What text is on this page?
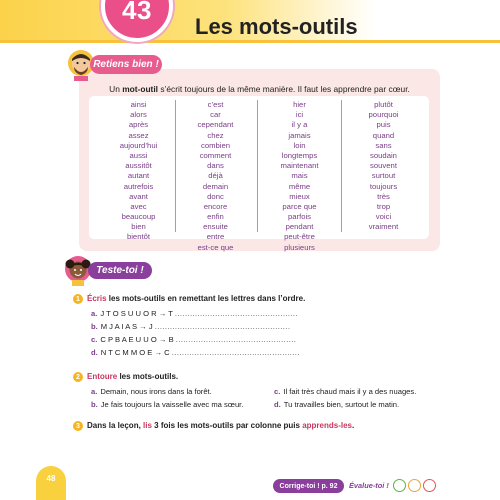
43
Les mots-outils
Retiens bien !
Un mot-outil s’écrit toujours de la même manière. Il faut les apprendre par cœur.
ainsi
alors
après
assez
aujourd’hui
aussi
aussitôt
autant
autrefois
avant
avec
beaucoup
bien
bientôt
c’est
car
cependant
chez
combien
comment
dans
déjà
demain
donc
encore
enfin
ensuite
entre
est-ce que
hier
ici
il y a
jamais
loin
longtemps
maintenant
mais
même
mieux
parce que
parfois
pendant
peut-être
plusieurs
plutôt
pourquoi
puis
quand
sans
soudain
souvent
surtout
toujours
très
trop
voici
vraiment
Teste-toi !
1 Écris les mots-outils en remettant les lettres dans l’ordre.
a. J T O S U U O R → T .................................................
b. M J A I A S → J ......................................................
c. C P B A E U U O → B ................................................
d. N T C M M O E → C ...................................................
2 Entoure les mots-outils.
a. Demain, nous irons dans la forêt.
b. Je fais toujours la vaisselle avec ma sœur.
c. Il fait très chaud mais il y a des nuages.
d. Tu travailles bien, surtout le matin.
3 Dans la leçon, lis 3 fois les mots-outils par colonne puis apprends-les.
48
Corrige-toi ! p. 92	Évalue-toi !
